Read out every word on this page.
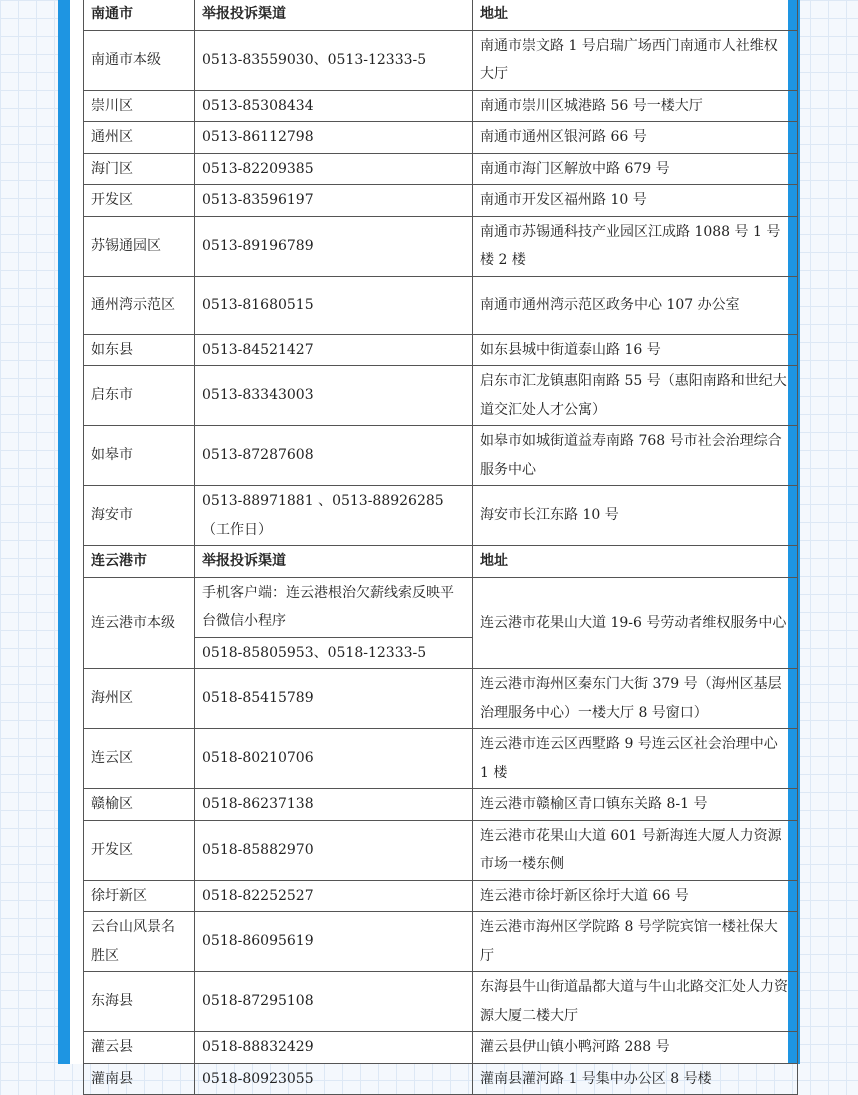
南通市	举报投诉渠道	地址
南通市本级	0513-83559030、0513-12333-5	南通市崇文路 1 号启瑞广场西门南通市人社维权大厅
崇川区	0513-85308434	南通市崇川区城港路 56 号一楼大厅
通州区	0513-86112798	南通市通州区银河路 66 号
海门区	0513-82209385	南通市海门区解放中路 679 号
开发区	0513-83596197	南通市开发区福州路 10 号
苏锡通园区	0513-89196789	南通市苏锡通科技产业园区江成路 1088 号 1 号楼 2 楼
通州湾示范区	0513-81680515	南通市通州湾示范区政务中心 107 办公室
如东县	0513-84521427	如东县城中街道泰山路 16 号
启东市	0513-83343003	启东市汇龙镇惠阳南路 55 号（惠阳南路和世纪大道交汇处人才公寓）
如皋市	0513-87287608	如皋市如城街道益寿南路 768 号市社会治理综合服务中心
海安市	0513-88971881 、0513-88926285（工作日）	海安市长江东路 10 号
连云港市	举报投诉渠道	地址
连云港市本级	手机客户端：连云港根治欠薪线索反映平台微信小程序	连云港市花果山大道 19-6 号劳动者维权服务中心
	0518-85805953、0518-12333-5	
海州区	0518-85415789	连云港市海州区秦东门大街 379 号（海州区基层治理服务中心）一楼大厅 8 号窗口）
连云区	0518-80210706	连云港市连云区西墅路 9 号连云区社会治理中心 1 楼
赣榆区	0518-86237138	连云港市赣榆区青口镇东关路 8-1 号
开发区	0518-85882970	连云港市花果山大道 601 号新海连大厦人力资源市场一楼东侧
徐圩新区	0518-82252527	连云港市徐圩新区徐圩大道 66 号
云台山风景名胜区	0518-86095619	连云港市海州区学院路 8 号学院宾馆一楼社保大厅
东海县	0518-87295108	东海县牛山街道晶都大道与牛山北路交汇处人力资源大厦二楼大厅
灌云县	0518-88832429	灌云县伊山镇小鸭河路 288 号
灌南县	0518-80923055	灌南县灌河路 1 号集中办公区 8 号楼
